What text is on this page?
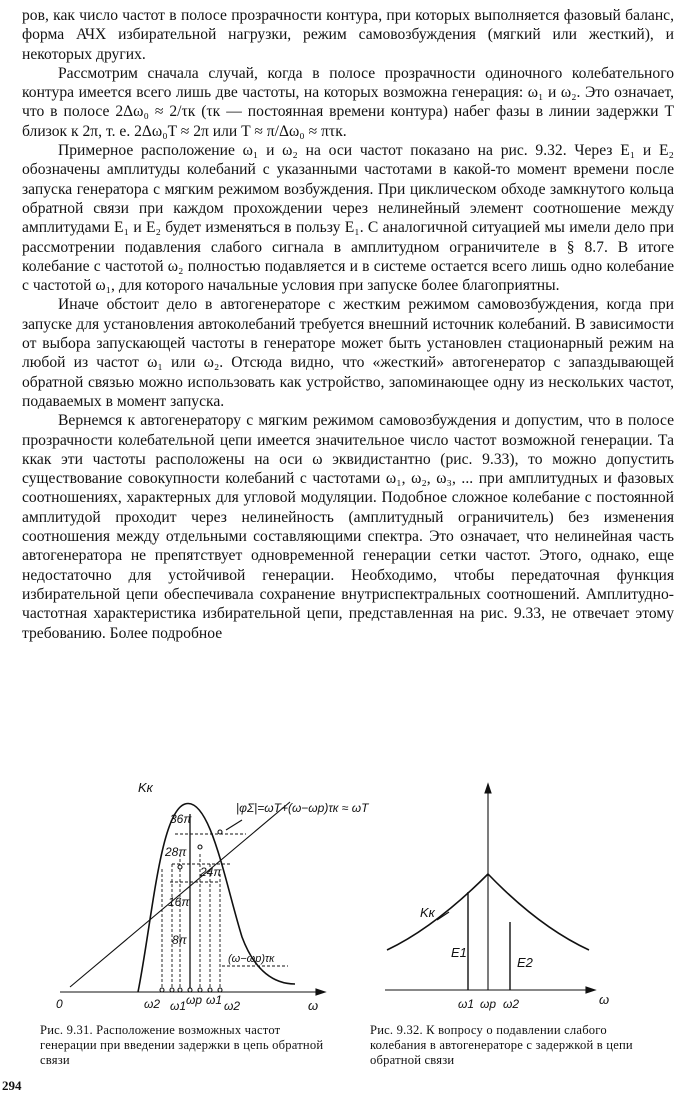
ров, как число частот в полосе прозрачности контура, при которых выполняется фазовый баланс, форма АЧХ избирательной нагрузки, режим самовозбуждения (мягкий или жесткий), и некоторых других.

Рассмотрим сначала случай, когда в полосе прозрачности одиночного колебательного контура имеется всего лишь две частоты, на которых возможна генерация: ω₁ и ω₂. Это означает, что в полосе 2Δω₀ ≈ 2/τк (τк — постоянная времени контура) набег фазы в линии задержки T близок к 2π, т. е. 2Δω₀T ≈ 2π или T ≈ π/Δω₀ ≈ πτк.

Примерное расположение ω₁ и ω₂ на оси частот показано на рис. 9.32. Через E₁ и E₂ обозначены амплитуды колебаний с указанными частотами в какой-то момент времени после запуска генератора с мягким режимом возбуждения. При циклическом обходе замкнутого кольца обратной связи при каждом прохождении через нелинейный элемент соотношение между амплитудами E₁ и E₂ будет изменяться в пользу E₁. С аналогичной ситуацией мы имели дело при рассмотрении подавления слабого сигнала в амплитудном ограничителе в § 8.7. В итоге колебание с частотой ω₂ полностью подавляется и в системе остается всего лишь одно колебание с частотой ω₁, для которого начальные условия при запуске более благоприятны.

Иначе обстоит дело в автогенераторе с жестким режимом самовозбуждения, когда при запуске для установления автоколебаний требуется внешний источник колебаний. В зависимости от выбора запускающей частоты в генераторе может быть установлен стационарный режим на любой из частот ω₁ или ω₂. Отсюда видно, что «жесткий» автогенератор с запаздывающей обратной связью можно использовать как устройство, запоминающее одну из нескольких частот, подаваемых в момент запуска.

Вернемся к автогенератору с мягким режимом самовозбуждения и допустим, что в полосе прозрачности колебательной цепи имеется значительное число частот возможной генерации. Та ккак эти частоты расположены на оси ω эквидистантно (рис. 9.33), то можно допустить существование совокупности колебаний с частотами ω₁, ω₂, ω₃, ... при амплитудных и фазовых соотношениях, характерных для угловой модуляции. Подобное сложное колебание с постоянной амплитудой проходит через нелинейность (амплитудный ограничитель) без изменения соотношения между отдельными составляющими спектра. Это означает, что нелинейная часть автогенератора не препятствует одновременной генерации сетки частот. Этого, однако, еще недостаточно для устойчивой генерации. Необходимо, чтобы передаточная функция избирательной цепи обеспечивала сохранение внутриспектральных соотношений. Амплитудно-частотная характеристика избирательной цепи, представленная на рис. 9.33, не отвечает этому требованию. Более подробное

Kк
36π
28π
24π
16π
8π
|φΣ|=ωT+(ω−ωp)τк ≈ ωT
(ω−ωp)τк
0	ω
ω2 ω1 ωp ω1 ω2
Рис. 9.31. Расположение возможных частот генерации при введении задержки в цепь обратной связи
Kк
E1
E2
ω1 ωp ω2	ω
Рис. 9.32. К вопросу о подавлении слабого колебания в автогенераторе с задержкой в цепи обратной связи
294
